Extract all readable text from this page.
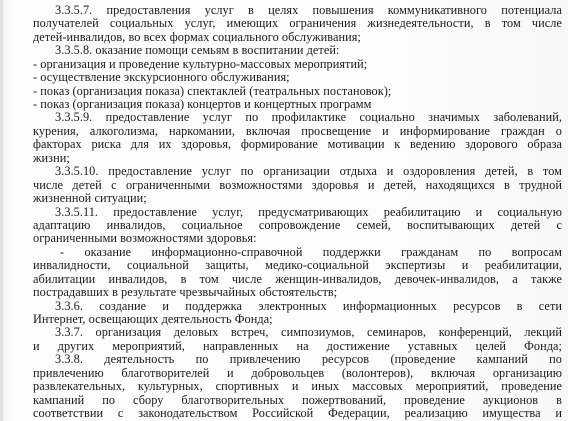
3.3.5.7. предоставления услуг в целях повышения коммуникативного потенциала

получателей социальных услуг, имеющих ограничения жизнедеятельности, в том числе

детей-инвалидов, во всех формах социального обслуживания;

3.3.5.8. оказание помощи семьям в воспитании детей:

- организация и проведение культурно-массовых мероприятий;

- осуществление экскурсионного обслуживания;

- показ (организация показа) спектаклей (театральных постановок);

- показ (организация показа) концертов и концертных программ

3.3.5.9. предоставление услуг по профилактике социально значимых заболеваний,

курения, алкоголизма, наркомании, включая просвещение и информирование граждан о

факторах риска для их здоровья, формирование мотивации к ведению здорового образа

жизни;

3.3.5.10. предоставление услуг по организации отдыха и оздоровления детей, в том

числе детей с ограниченными возможностями здоровья и детей, находящихся в трудной

жизненной ситуации;

3.3.5.11. предоставление услуг, предусматривающих реабилитацию и социальную

адаптацию инвалидов, социальное сопровождение семей, воспитывающих детей с

ограниченными возможностями здоровья:

- оказание информационно-справочной поддержки гражданам по вопросам

инвалидности, социальной защиты, медико-социальной экспертизы и реабилитации,

абилитации инвалидов, в том числе женщин-инвалидов, девочек-инвалидов, а также

пострадавших в результате чрезвычайных обстоятельств;

3.3.6. создание и поддержка электронных информационных ресурсов в сети

Интернет, освещающих деятельность Фонда;

3.3.7. организация деловых встреч, симпозиумов, семинаров, конференций, лекций

и других мероприятий, направленных на достижение уставных целей Фонда;

3.3.8. деятельность по привлечению ресурсов (проведение кампаний по

привлечению благотворителей и добровольцев (волонтеров), включая организацию

развлекательных, культурных, спортивных и иных массовых мероприятий, проведение

кампаний по сбору благотворительных пожертвований, проведение аукционов в

соответствии с законодательством Российской Федерации, реализацию имущества и
